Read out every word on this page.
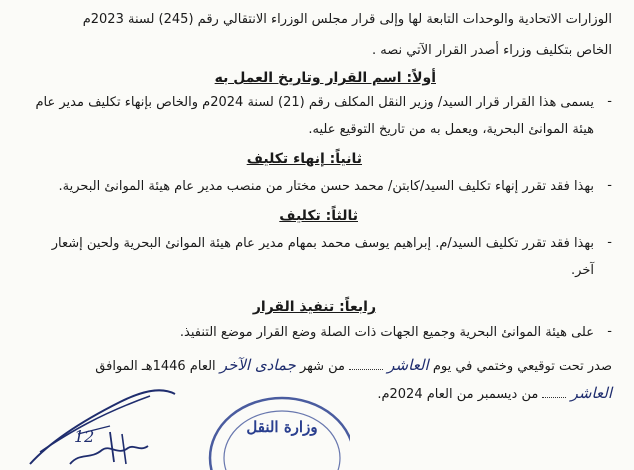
الوزارات الاتحادية والوحدات التابعة لها وإلى قرار مجلس الوزراء الانتقالي رقم (245) لسنة 2023م
الخاص بتكليف وزراء أصدر القرار الآتي نصه .
أولاً: اسم القرار وتاريخ العمل به
-
يسمى هذا القرار قرار السيد/ وزير النقل المكلف رقم (21) لسنة 2024م والخاص بإنهاء تكليف مدير عام
هيئة الموانئ البحرية، ويعمل به من تاريخ التوقيع عليه.
ثانياً: إنهاء تكليف
-
بهذا فقد تقرر إنهاء تكليف السيد/كابتن/ محمد حسن مختار من منصب مدير عام هيئة الموانئ البحرية.
ثالثاً: تكليف
-
بهذا فقد تقرر تكليف السيد/م. إبراهيم يوسف محمد بمهام مدير عام هيئة الموانئ البحرية ولحين إشعار
آخر.
رابعاً: تنفيذ القرار
-
على هيئة الموانئ البحرية وجميع الجهات ذات الصلة وضع القرار موضع التنفيذ.
صدر تحت توقيعي وختمي في يوم العاشر  من شهر جمادى الآخر العام 1446هـ الموافق
العاشر  من ديسمبر من العام 2024م.
وزارة النقل
12
